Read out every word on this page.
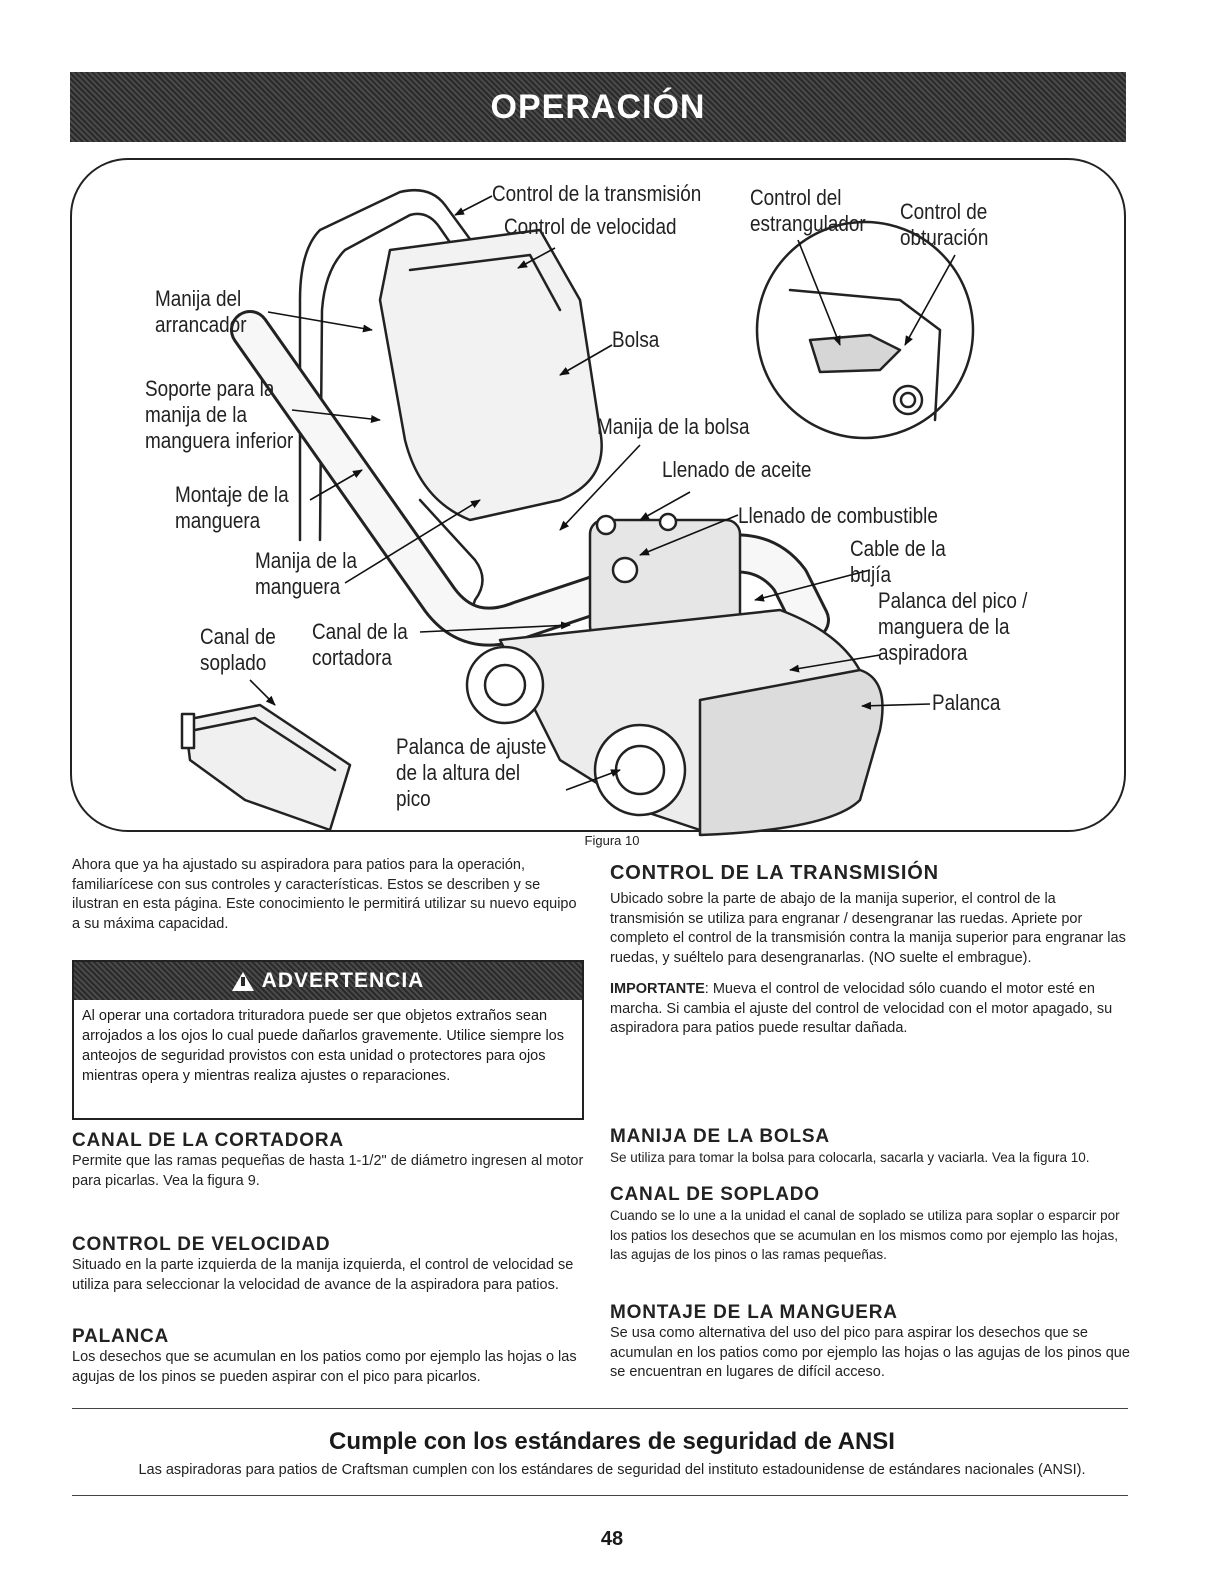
OPERACIÓN
Control de la transmisión
Control de velocidad
Control del
estrangulador Control de
obturación
Manija del
arrancador
Soporte para la
manija de la
manguera inferior
Bolsa
Montaje de la
manguera
Manija de la bolsa
Llenado de aceite
Llenado de combustible
Manija de la
manguera
Cable de la
bujía
Palanca del pico /
manguera de la
aspiradora
Canal de
soplado
Canal de la
cortadora
Palanca
Palanca de ajuste
de la altura del
pico
Figura 10

Ahora que ya ha ajustado su aspiradora para patios para la operación, familiarícese con sus controles y características. Estos se describen y se ilustran en esta página. Este conocimiento le permitirá utilizar su nuevo equipo a su máxima capacidad.

ADVERTENCIA
Al operar una cortadora trituradora puede ser que objetos extraños sean arrojados a los ojos lo cual puede dañarlos gravemente. Utilice siempre los anteojos de seguridad provistos con esta unidad o protectores para ojos mientras opera y mientras realiza ajustes o reparaciones.
CANAL DE LA CORTADORA

Permite que las ramas pequeñas de hasta 1-1/2" de diámetro ingresen al motor para picarlas. Vea la figura 9.

CONTROL DE VELOCIDAD

Situado en la parte izquierda de la manija izquierda, el control de velocidad se utiliza para seleccionar la velocidad de avance de la aspiradora para patios.

PALANCA

Los desechos que se acumulan en los patios como por ejemplo las hojas o las agujas de los pinos se pueden aspirar con el pico para picarlos.

CONTROL DE LA TRANSMISIÓN

Ubicado sobre la parte de abajo de la manija superior, el control de la transmisión se utiliza para engranar / desengranar las ruedas. Apriete por completo el control de la transmisión contra la manija superior para engranar las ruedas, y suéltelo para desengranarlas. (NO suelte el embrague).

IMPORTANTE: Mueva el control de velocidad sólo cuando el motor esté en marcha. Si cambia el ajuste del control de velocidad con el motor apagado, su aspiradora para patios puede resultar dañada.

MANIJA DE LA BOLSA

Se utiliza para tomar la bolsa para colocarla, sacarla y vaciarla. Vea la figura 10.

CANAL DE SOPLADO

Cuando se lo une a la unidad el canal de soplado se utiliza para soplar o esparcir por los patios los desechos que se acumulan en los mismos como por ejemplo las hojas, las agujas de los pinos o las ramas pequeñas.

MONTAJE DE LA MANGUERA

Se usa como alternativa del uso del pico para aspirar los desechos que se acumulan en los patios como por ejemplo las hojas o las agujas de los pinos que se encuentran en lugares de difícil acceso.

Cumple con los estándares de seguridad de ANSI
Las aspiradoras para patios de Craftsman cumplen con los estándares de seguridad del instituto estadounidense de estándares nacionales (ANSI).
48
